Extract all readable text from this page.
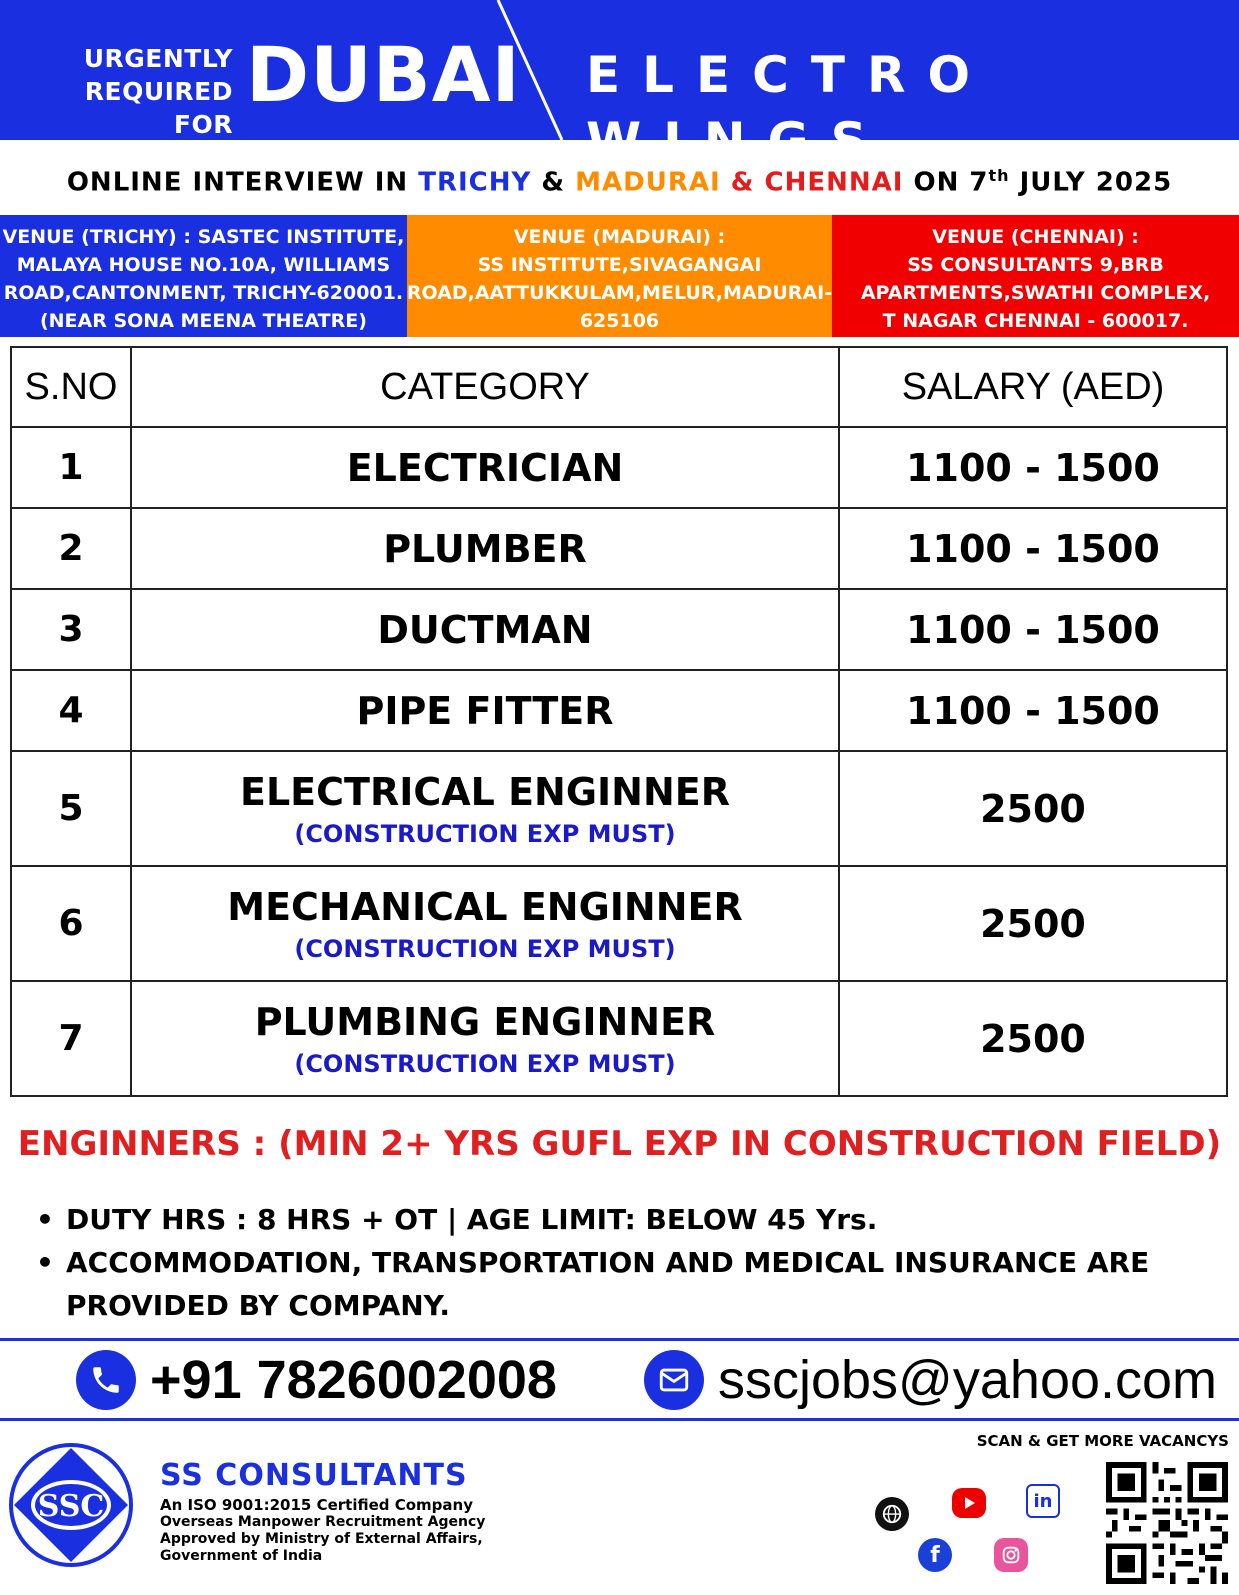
URGENTLY
REQUIRED FOR
DUBAI ELECTRO WINGS
ONLINE INTERVIEW IN TRICHY & MADURAI & CHENNAI ON 7th JULY 2025
VENUE (TRICHY) : SASTEC INSTITUTE,
MALAYA HOUSE NO.10A, WILLIAMS
ROAD,CANTONMENT, TRICHY-620001.
(NEAR SONA MEENA THEATRE)
VENUE (MADURAI) :
SS INSTITUTE,SIVAGANGAI
ROAD,AATTUKKULAM,MELUR,MADURAI-
625106
VENUE (CHENNAI) :
SS CONSULTANTS 9,BRB
APARTMENTS,SWATHI COMPLEX,
T NAGAR CHENNAI - 600017.
S.NO	CATEGORY	SALARY (AED)
1	ELECTRICIAN	1100 - 1500
2	PLUMBER	1100 - 1500
3	DUCTMAN	1100 - 1500
4	PIPE FITTER	1100 - 1500
5	ELECTRICAL ENGINNER
(CONSTRUCTION EXP MUST)	2500
6	MECHANICAL ENGINNER
(CONSTRUCTION EXP MUST)	2500
7	PLUMBING ENGINNER
(CONSTRUCTION EXP MUST)	2500
ENGINNERS : (MIN 2+ YRS GUFL EXP IN CONSTRUCTION FIELD)
• DUTY HRS : 8 HRS + OT | AGE LIMIT: BELOW 45 Yrs.
• ACCOMMODATION, TRANSPORTATION AND MEDICAL INSURANCE ARE PROVIDED BY COMPANY.
+91 7826002008	sscjobs@yahoo.com
SSC
SS CONSULTANTS
An ISO 9001:2015 Certified Company
Overseas Manpower Recruitment Agency
Approved by Ministry of External Affairs,
Government of India
SCAN & GET MORE VACANCYS
in
f
